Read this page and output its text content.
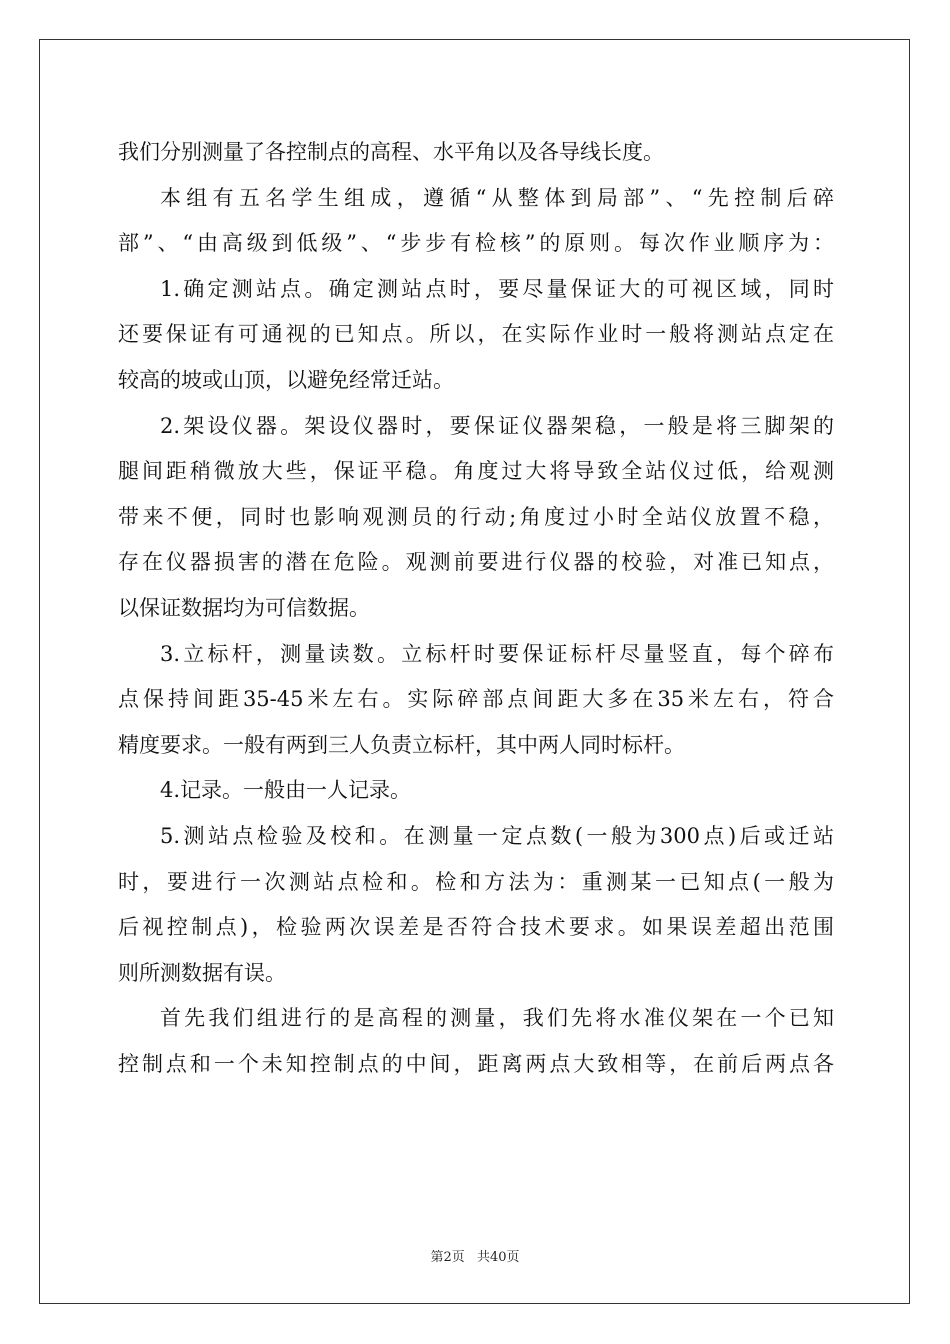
我们分别测量了各控制点的高程、水平角以及各导线长度。
本组有五名学生组成，遵循“从整体到局部”、“先控制后碎
部”、“由高级到低级”、“步步有检核”的原则。每次作业顺序为：
1.确定测站点。确定测站点时，要尽量保证大的可视区域，同时
还要保证有可通视的已知点。所以，在实际作业时一般将测站点定在
较高的坡或山顶，以避免经常迁站。
2.架设仪器。架设仪器时，要保证仪器架稳，一般是将三脚架的
腿间距稍微放大些，保证平稳。角度过大将导致全站仪过低，给观测
带来不便，同时也影响观测员的行动;角度过小时全站仪放置不稳，
存在仪器损害的潜在危险。观测前要进行仪器的校验，对准已知点，
以保证数据均为可信数据。
3.立标杆，测量读数。立标杆时要保证标杆尽量竖直，每个碎布
点保持间距35-45米左右。实际碎部点间距大多在35米左右，符合
精度要求。一般有两到三人负责立标杆，其中两人同时标杆。
4.记录。一般由一人记录。
5.测站点检验及校和。在测量一定点数(一般为300点)后或迁站
时，要进行一次测站点检和。检和方法为：重测某一已知点(一般为
后视控制点)，检验两次误差是否符合技术要求。如果误差超出范围
则所测数据有误。
首先我们组进行的是高程的测量，我们先将水准仪架在一个已知
控制点和一个未知控制点的中间，距离两点大致相等，在前后两点各
第2页 共40页
